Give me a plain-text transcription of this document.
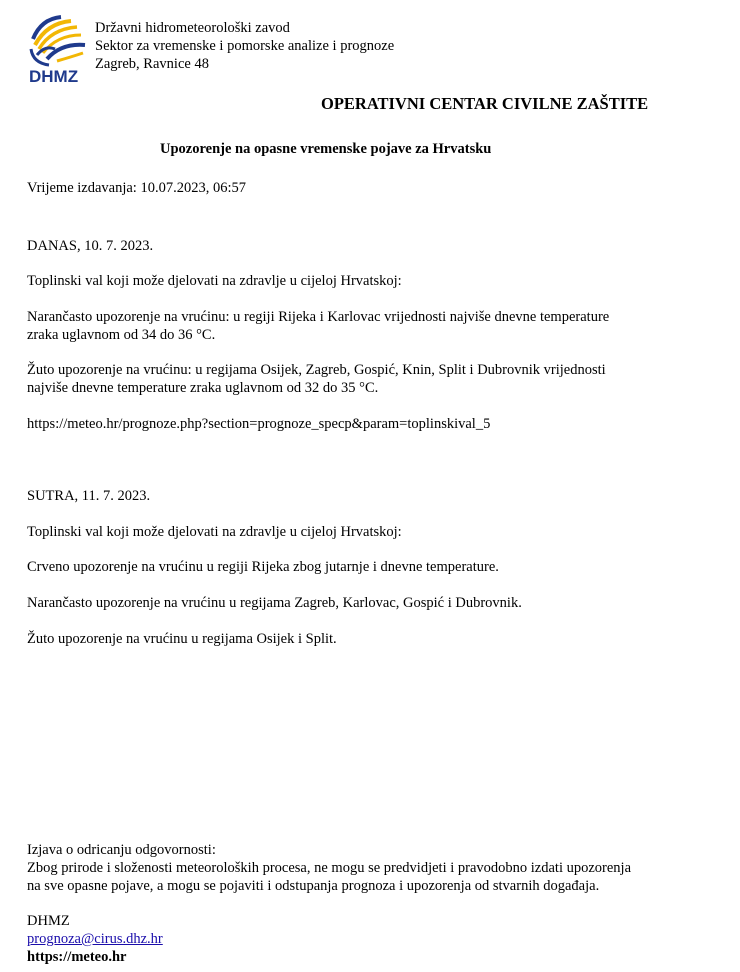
DHMZ
Državni hidrometeorološki zavod
Sektor za vremenske i pomorske analize i prognoze
Zagreb, Ravnice 48
OPERATIVNI CENTAR CIVILNE ZAŠTITE
Upozorenje na opasne vremenske pojave za Hrvatsku
Vrijeme izdavanja: 10.07.2023, 06:57
DANAS, 10. 7. 2023.
Toplinski val koji može djelovati na zdravlje u cijeloj Hrvatskoj:
Narančasto upozorenje na vrućinu: u regiji Rijeka i Karlovac vrijednosti najviše dnevne temperature
zraka uglavnom od 34 do 36 °C.
Žuto upozorenje na vrućinu: u regijama Osijek, Zagreb, Gospić, Knin, Split i Dubrovnik vrijednosti
najviše dnevne temperature zraka uglavnom od 32 do 35 °C.
https://meteo.hr/prognoze.php?section=prognoze_specp&param=toplinskival_5
SUTRA, 11. 7. 2023.
Toplinski val koji može djelovati na zdravlje u cijeloj Hrvatskoj:
Crveno upozorenje na vrućinu u regiji Rijeka zbog jutarnje i dnevne temperature.
Narančasto upozorenje na vrućinu u regijama Zagreb, Karlovac, Gospić i Dubrovnik.
Žuto upozorenje na vrućinu u regijama Osijek i Split.
Izjava o odricanju odgovornosti:
Zbog prirode i složenosti meteoroloških procesa, ne mogu se predvidjeti i pravodobno izdati upozorenja
na sve opasne pojave, a mogu se pojaviti i odstupanja prognoza i upozorenja od stvarnih događaja.
DHMZ
prognoza@cirus.dhz.hr
https://meteo.hr
